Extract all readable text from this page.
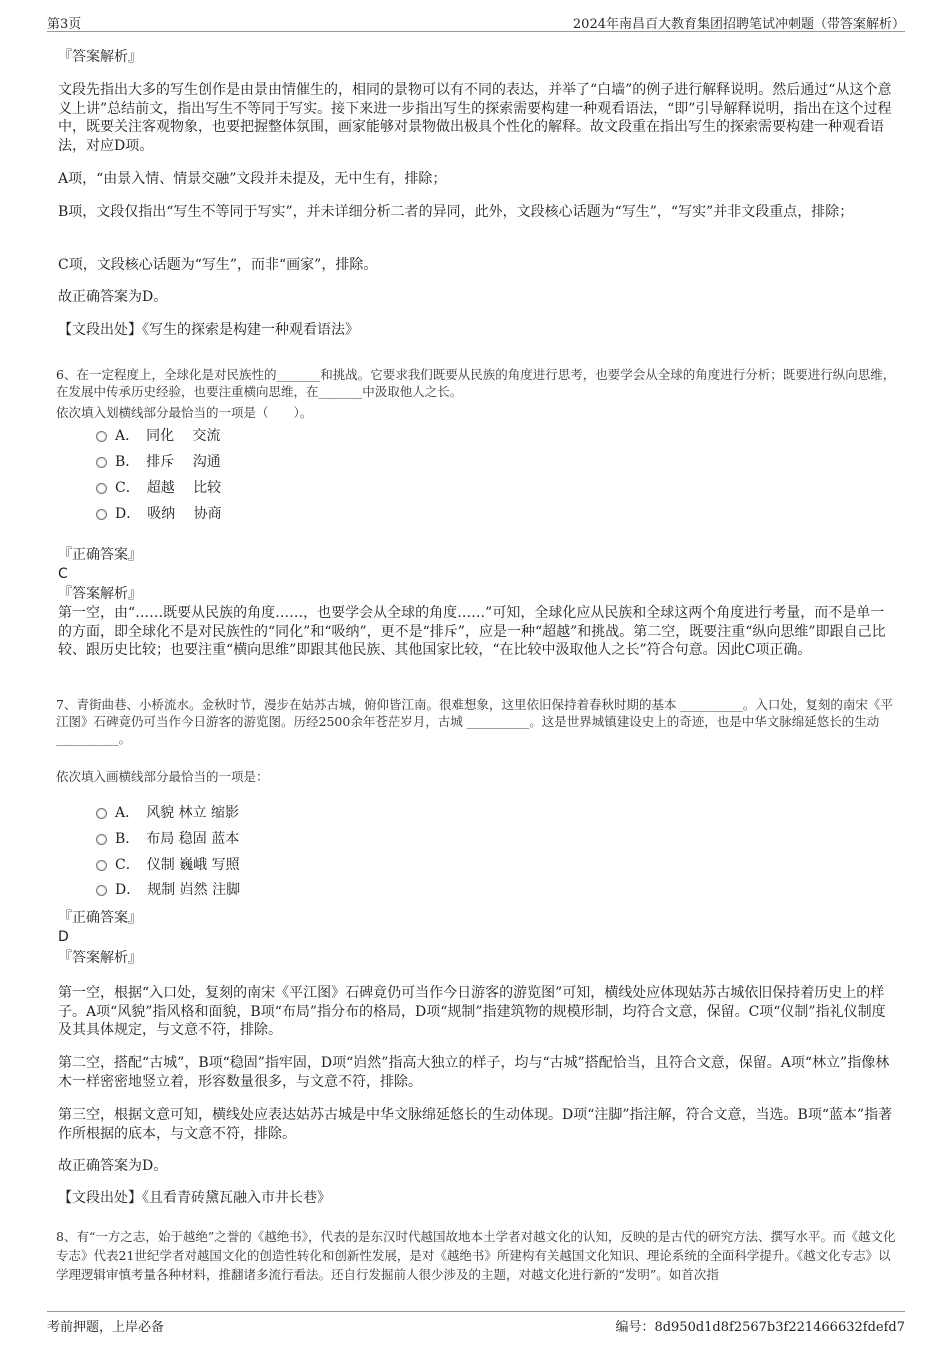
第3页	2024年南昌百大教育集团招聘笔试冲刺题（带答案解析）

『答案解析』

文段先指出大多的写生创作是由景由情催生的，相同的景物可以有不同的表达，并举了“白墙”的例子进行解释说明。然后通过“从这个意义上讲”总结前文，指出写生不等同于写实。接下来进一步指出写生的探索需要构建一种观看语法，“即”引导解释说明，指出在这个过程中，既要关注客观物象，也要把握整体氛围，画家能够对景物做出极具个性化的解释。故文段重在指出写生的探索需要构建一种观看语法，对应D项。

A项，“由景入情、情景交融”文段并未提及，无中生有，排除；

B项，文段仅指出“写生不等同于写实”，并未详细分析二者的异同，此外，文段核心话题为“写生”，“写实”并非文段重点，排除；

C项，文段核心话题为“写生”，而非“画家”，排除。

故正确答案为D。

【文段出处】《写生的探索是构建一种观看语法》

6、在一定程度上，全球化是对民族性的_______和挑战。它要求我们既要从民族的角度进行思考，也要学会从全球的角度进行分析；既要进行纵向思维，在发展中传承历史经验，也要注重横向思维，在_______中汲取他人之长。

依次填入划横线部分最恰当的一项是（　　）。

A．　同化　 交流
B．　排斥　 沟通
C．　超越　 比较
D．　吸纳　 协商

『正确答案』

C

『答案解析』

第一空，由“……既要从民族的角度……，也要学会从全球的角度……”可知，全球化应从民族和全球这两个角度进行考量，而不是单一的方面，即全球化不是对民族性的“同化”和“吸纳”，更不是“排斥”，应是一种“超越”和挑战。第二空，既要注重“纵向思维”即跟自己比较、跟历史比较；也要注重“横向思维”即跟其他民族、其他国家比较，“在比较中汲取他人之长”符合句意。因此C项正确。

7、青街曲巷、小桥流水。金秋时节，漫步在姑苏古城，俯仰皆江南。很难想象，这里依旧保持着春秋时期的基本 __________。入口处，复刻的南宋《平江图》石碑竟仍可当作今日游客的游览图。历经2500余年苍茫岁月，古城 __________。这是世界城镇建设史上的奇迹，也是中华文脉绵延悠长的生动 __________。

依次填入画横线部分最恰当的一项是：

A．　风貌 林立 缩影
B．　布局 稳固 蓝本
C．　仪制 巍峨 写照
D．　规制 岿然 注脚

『正确答案』

D

『答案解析』

第一空，根据“入口处，复刻的南宋《平江图》石碑竟仍可当作今日游客的游览图”可知，横线处应体现姑苏古城依旧保持着历史上的样子。A项“风貌”指风格和面貌，B项“布局”指分布的格局，D项“规制”指建筑物的规模形制，均符合文意，保留。C项“仪制”指礼仪制度及其具体规定，与文意不符，排除。

第二空，搭配“古城”，B项“稳固”指牢固，D项“岿然”指高大独立的样子，均与“古城”搭配恰当，且符合文意，保留。A项“林立”指像林木一样密密地竖立着，形容数量很多，与文意不符，排除。

第三空，根据文意可知，横线处应表达姑苏古城是中华文脉绵延悠长的生动体现。D项“注脚”指注解，符合文意，当选。B项“蓝本”指著作所根据的底本，与文意不符，排除。

故正确答案为D。

【文段出处】《且看青砖黛瓦融入市井长巷》

8、有“一方之志，始于越绝”之誉的《越绝书》，代表的是东汉时代越国故地本土学者对越文化的认知，反映的是古代的研究方法、撰写水平。而《越文化专志》代表21世纪学者对越国文化的创造性转化和创新性发展，是对《越绝书》所建构有关越国文化知识、理论系统的全面科学提升。《越文化专志》以学理逻辑审慎考量各种材料，推翻诸多流行看法。还自行发掘前人很少涉及的主题，对越文化进行新的“发明”。如首次指

考前押题，上岸必备	编号：8d950d1d8f2567b3f221466632fdefd7
